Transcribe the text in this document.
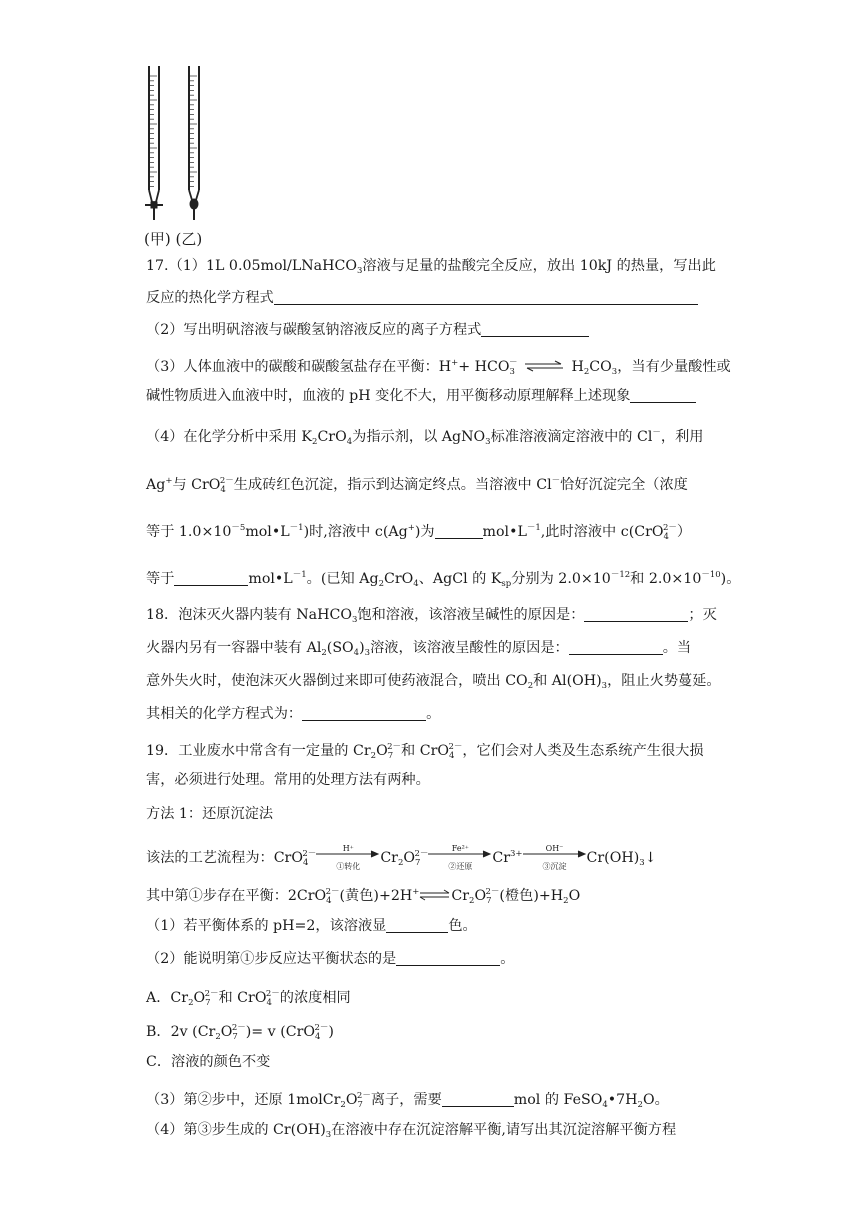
(甲) (乙)
17.（1）1L 0.05mol/LNaHCO$_3$溶液与足量的盐酸完全反应，放出 10kJ 的热量，写出此
反应的热化学方程式
（2）写出明矾溶液与碳酸氢钠溶液反应的离子方程式
（3）人体血液中的碳酸和碳酸氢盐存在平衡：$H^++ HCO_3^-$ ⇌ $H_2CO_3$，当有少量酸性或
碱性物质进入血液中时，血液的 pH 变化不大，用平衡移动原理解释上述现象
（4）在化学分析中采用 $K_2CrO_4$为指示剂，以 AgNO$_3$标准溶液滴定溶液中的 Cl－，利用
Ag+与 CrO$_4^{2-}$生成砖红色沉淀，指示到达滴定终点。当溶液中 Cl－恰好沉淀完全（浓度
等于 $1.0\times 10^{-5}mol•L^{-1}$)时,溶液中 c(Ag+)为	$mol•L^{-1}$,此时溶液中 c(CrO$_4^{2-}$）
等于	$mol•L^{-1}$。(已知 $Ag_2CrO_4$、AgCl 的 $K_{sp}$分别为 $2.0\times 10^{-12}$和 $2.0\times 10^{-10}$)。
18．泡沫灭火器内装有 NaHCO$_3$饱和溶液，该溶液呈碱性的原因是：	；灭
火器内另有一容器中装有 $Al_2(SO_4)_3$溶液，该溶液呈酸性的原因是：	。当
意外失火时，使泡沫灭火器倒过来即可使药液混合，喷出 $CO_2$和 $Al(OH)_3$，阻止火势蔓延。
其相关的化学方程式为：	。
19．工业废水中常含有一定量的 $Cr_2O_7^{2-}$和 CrO$_4^{2-}$，它们会对人类及生态系统产生很大损
害，必须进行处理。常用的处理方法有两种。
方法 1：还原沉淀法
该法的工艺流程为：CrO$_4^{2-}$
H⁺
①转化
$Cr_2O_7^{2-}$
Fe²⁺
②还原
$Cr^{3+}$
OH⁻
③沉淀
$Cr(OH)_3↓$
其中第①步存在平衡：2CrO$_4^{2-}$(黄色)$+2H^+\rightleftharpoons Cr_2O_7^{2-}$(橙色)$+H_2O$
（1）若平衡体系的 pH=2，该溶液显	色。
（2）能说明第①步反应达平衡状态的是	。
A．$Cr_2O_7^{2-}$和 CrO$_4^{2-}$的浓度相同
B．2v $(Cr_2O_7^{2-})= v$ (CrO$_4^{2-}$)
C．溶液的颜色不变
（3）第②步中，还原 $1molCr_2O_7^{2-}$离子，需要	mol 的 $FeSO_4•7H_2O$。
（4）第③步生成的 $Cr(OH)_3$在溶液中存在沉淀溶解平衡,请写出其沉淀溶解平衡方程
